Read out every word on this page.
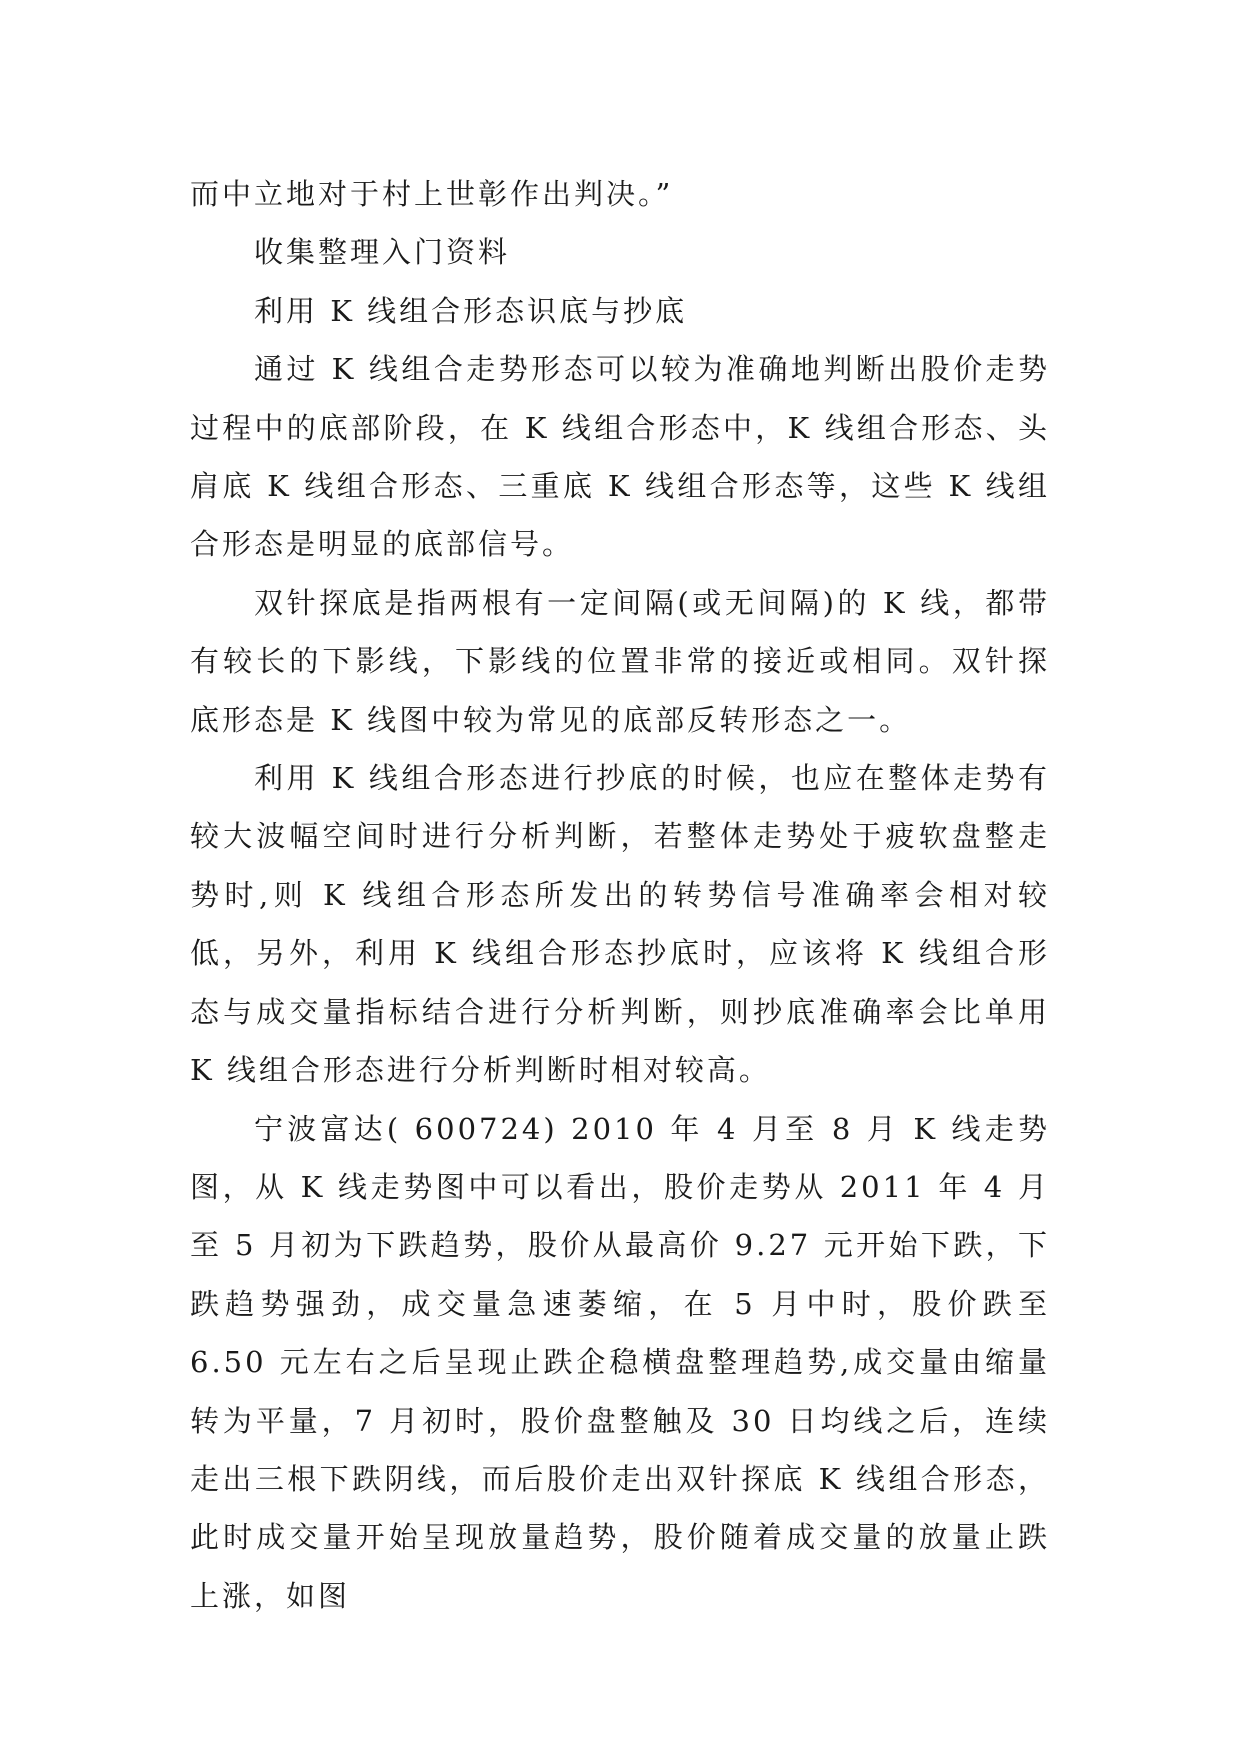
而中立地对于村上世彰作出判决。”

收集整理入门资料

利用 K 线组合形态识底与抄底

通过 K 线组合走势形态可以较为准确地判断出股价走势过程中的底部阶段，在 K 线组合形态中，K 线组合形态、头肩底 K 线组合形态、三重底 K 线组合形态等，这些 K 线组合形态是明显的底部信号。

双针探底是指两根有一定间隔(或无间隔)的 K 线，都带有较长的下影线，下影线的位置非常的接近或相同。双针探底形态是 K 线图中较为常见的底部反转形态之一。

利用 K 线组合形态进行抄底的时候，也应在整体走势有较大波幅空间时进行分析判断，若整体走势处于疲软盘整走势时,则 K 线组合形态所发出的转势信号准确率会相对较低，另外，利用 K 线组合形态抄底时，应该将 K 线组合形态与成交量指标结合进行分析判断，则抄底准确率会比单用 K 线组合形态进行分析判断时相对较高。

宁波富达( 600724) 2010 年 4 月至 8 月 K 线走势图，从 K 线走势图中可以看出，股价走势从 2011 年 4 月至 5 月初为下跌趋势，股价从最高价 9.27 元开始下跌，下跌趋势强劲，成交量急速萎缩，在 5 月中时，股价跌至 6.50 元左右之后呈现止跌企稳横盘整理趋势,成交量由缩量转为平量，7 月初时，股价盘整触及 30 日均线之后，连续走出三根下跌阴线，而后股价走出双针探底 K 线组合形态，此时成交量开始呈现放量趋势，股价随着成交量的放量止跌上涨，如图
